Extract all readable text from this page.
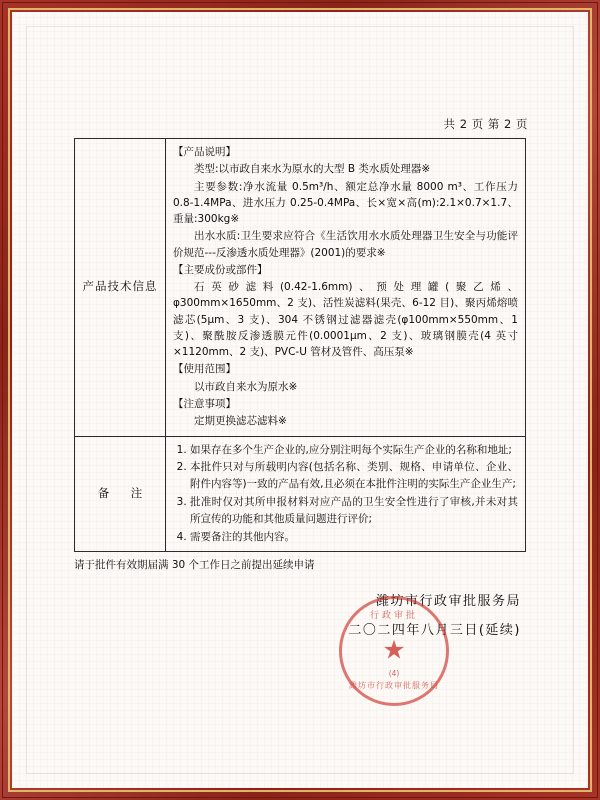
共 2 页 第 2 页
产品技术信息	

【产品说明】

类型:以市政自来水为原水的大型 B 类水质处理器※

主要参数:净水流量 0.5m³/h、额定总净水量 8000 m³、工作压力 0.8-1.4MPa、进水压力 0.25-0.4MPa、长×宽×高(m):2.1×0.7×1.7、重量:300kg※

出水水质:卫生要求应符合《生活饮用水水质处理器卫生安全与功能评价规范---反渗透水质处理器》(2001)的要求※

【主要成份或部件】

石英砂滤料(0.42-1.6mm)、预处理罐(聚乙烯、φ300mm×1650mm、2 支)、活性炭滤料(果壳、6-12 目)、聚丙烯熔喷滤芯(5μm、3 支)、304 不锈钢过滤器滤壳(φ100mm×550mm、1 支)、聚酰胺反渗透膜元件(0.0001μm、2 支)、玻璃钢膜壳(4 英寸×1120mm、2 支)、PVC-U 管材及管件、高压泵※

【使用范围】

以市政自来水为原水※

【注意事项】

定期更换滤芯滤料※

备　注	
1. 如果存在多个生产企业的,应分别注明每个实际生产企业的名称和地址;
2. 本批件只对与所载明内容(包括名称、类别、规格、申请单位、企业、附件内容等)一致的产品有效,且必须在本批件注明的实际生产企业生产;
3. 批准时仅对其所申报材料对应产品的卫生安全性进行了审核,并未对其所宣传的功能和其他质量问题进行评价;
4. 需要备注的其他内容。
请于批件有效期届满 30 个工作日之前提出延续申请
潍坊市行政审批服务局
二〇二四年八月三日(延续)
行政审批
★
(4)
潍坊市行政审批服务局
